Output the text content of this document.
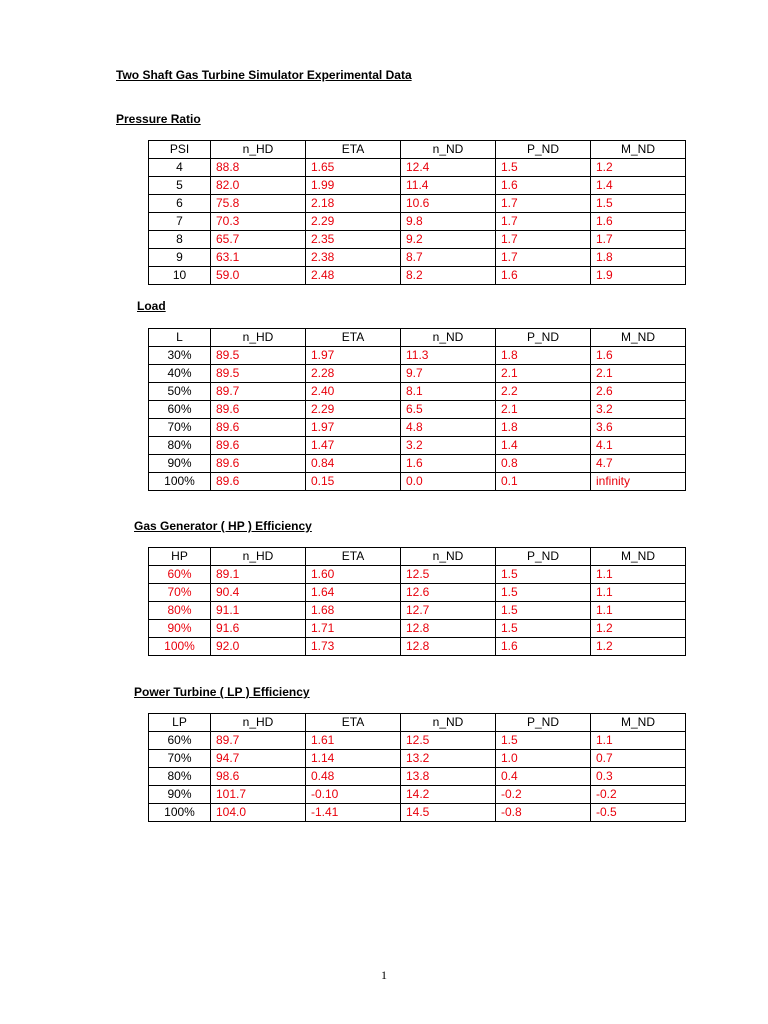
Two Shaft Gas Turbine Simulator Experimental Data
Pressure Ratio
PSI	n_HD	ETA	n_ND	P_ND	M_ND
4	88.8	1.65	12.4	1.5	1.2
5	82.0	1.99	11.4	1.6	1.4
6	75.8	2.18	10.6	1.7	1.5
7	70.3	2.29	9.8	1.7	1.6
8	65.7	2.35	9.2	1.7	1.7
9	63.1	2.38	8.7	1.7	1.8
10	59.0	2.48	8.2	1.6	1.9
Load
L	n_HD	ETA	n_ND	P_ND	M_ND
30%	89.5	1.97	11.3	1.8	1.6
40%	89.5	2.28	9.7	2.1	2.1
50%	89.7	2.40	8.1	2.2	2.6
60%	89.6	2.29	6.5	2.1	3.2
70%	89.6	1.97	4.8	1.8	3.6
80%	89.6	1.47	3.2	1.4	4.1
90%	89.6	0.84	1.6	0.8	4.7
100%	89.6	0.15	0.0	0.1	infinity
Gas Generator ( HP ) Efficiency
HP	n_HD	ETA	n_ND	P_ND	M_ND
60%	89.1	1.60	12.5	1.5	1.1
70%	90.4	1.64	12.6	1.5	1.1
80%	91.1	1.68	12.7	1.5	1.1
90%	91.6	1.71	12.8	1.5	1.2
100%	92.0	1.73	12.8	1.6	1.2
Power Turbine ( LP ) Efficiency
LP	n_HD	ETA	n_ND	P_ND	M_ND
60%	89.7	1.61	12.5	1.5	1.1
70%	94.7	1.14	13.2	1.0	0.7
80%	98.6	0.48	13.8	0.4	0.3
90%	101.7	-0.10	14.2	-0.2	-0.2
100%	104.0	-1.41	14.5	-0.8	-0.5
1
